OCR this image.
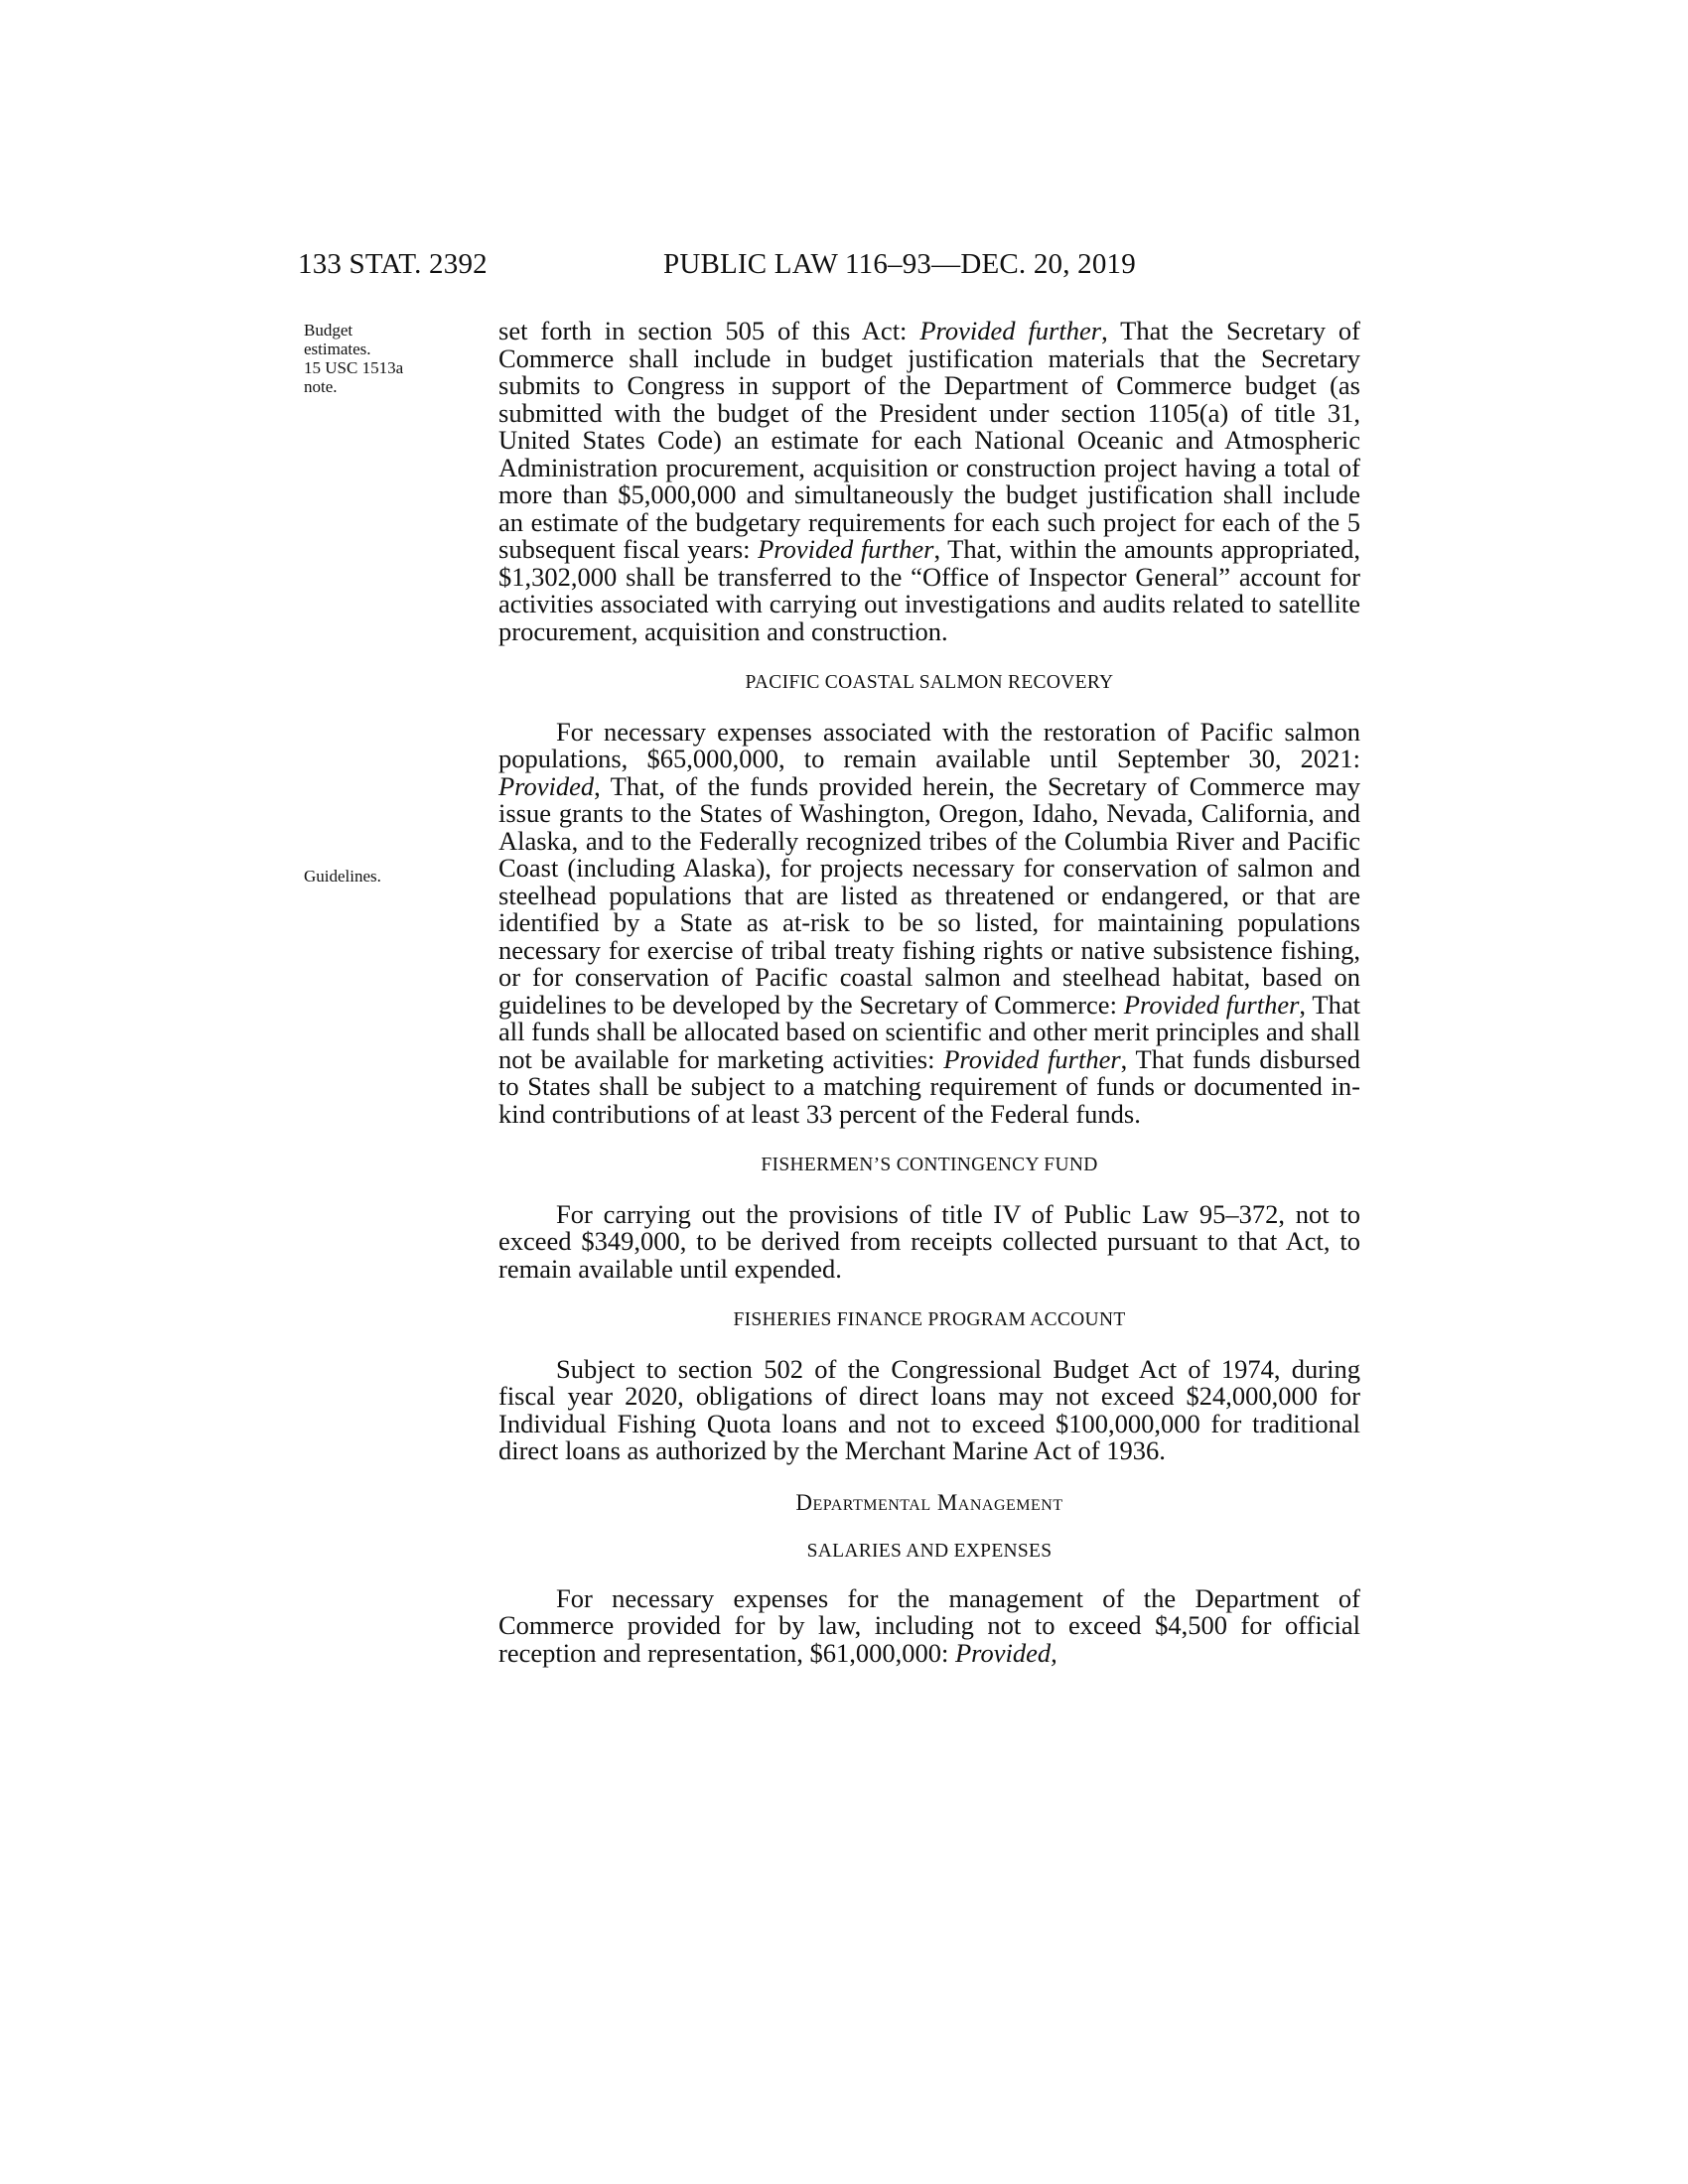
133 STAT. 2392	PUBLIC LAW 116–93—DEC. 20, 2019
Budget
estimates.
15 USC 1513a
note.
Guidelines.

set forth in section 505 of this Act: Provided further, That the Secretary of Commerce shall include in budget justification materials that the Secretary submits to Congress in support of the Department of Commerce budget (as submitted with the budget of the President under section 1105(a) of title 31, United States Code) an estimate for each National Oceanic and Atmospheric Administration procurement, acquisition or construction project having a total of more than $5,000,000 and simultaneously the budget justification shall include an estimate of the budgetary requirements for each such project for each of the 5 subsequent fiscal years: Provided further, That, within the amounts appropriated, $1,302,000 shall be transferred to the “Office of Inspector General” account for activities associated with carrying out investigations and audits related to satellite procurement, acquisition and construction.

PACIFIC COASTAL SALMON RECOVERY

For necessary expenses associated with the restoration of Pacific salmon populations, $65,000,000, to remain available until September 30, 2021: Provided, That, of the funds provided herein, the Secretary of Commerce may issue grants to the States of Washington, Oregon, Idaho, Nevada, California, and Alaska, and to the Federally recognized tribes of the Columbia River and Pacific Coast (including Alaska), for projects necessary for conservation of salmon and steelhead populations that are listed as threatened or endangered, or that are identified by a State as at-risk to be so listed, for maintaining populations necessary for exercise of tribal treaty fishing rights or native subsistence fishing, or for conservation of Pacific coastal salmon and steelhead habitat, based on guidelines to be developed by the Secretary of Commerce: Provided further, That all funds shall be allocated based on scientific and other merit principles and shall not be available for marketing activities: Provided further, That funds disbursed to States shall be subject to a matching requirement of funds or documented in-kind contributions of at least 33 percent of the Federal funds.

FISHERMEN’S CONTINGENCY FUND

For carrying out the provisions of title IV of Public Law 95–372, not to exceed $349,000, to be derived from receipts collected pursuant to that Act, to remain available until expended.

FISHERIES FINANCE PROGRAM ACCOUNT

Subject to section 502 of the Congressional Budget Act of 1974, during fiscal year 2020, obligations of direct loans may not exceed $24,000,000 for Individual Fishing Quota loans and not to exceed $100,000,000 for traditional direct loans as authorized by the Merchant Marine Act of 1936.

Departmental Management
SALARIES AND EXPENSES

For necessary expenses for the management of the Department of Commerce provided for by law, including not to exceed $4,500 for official reception and representation, $61,000,000: Provided,
